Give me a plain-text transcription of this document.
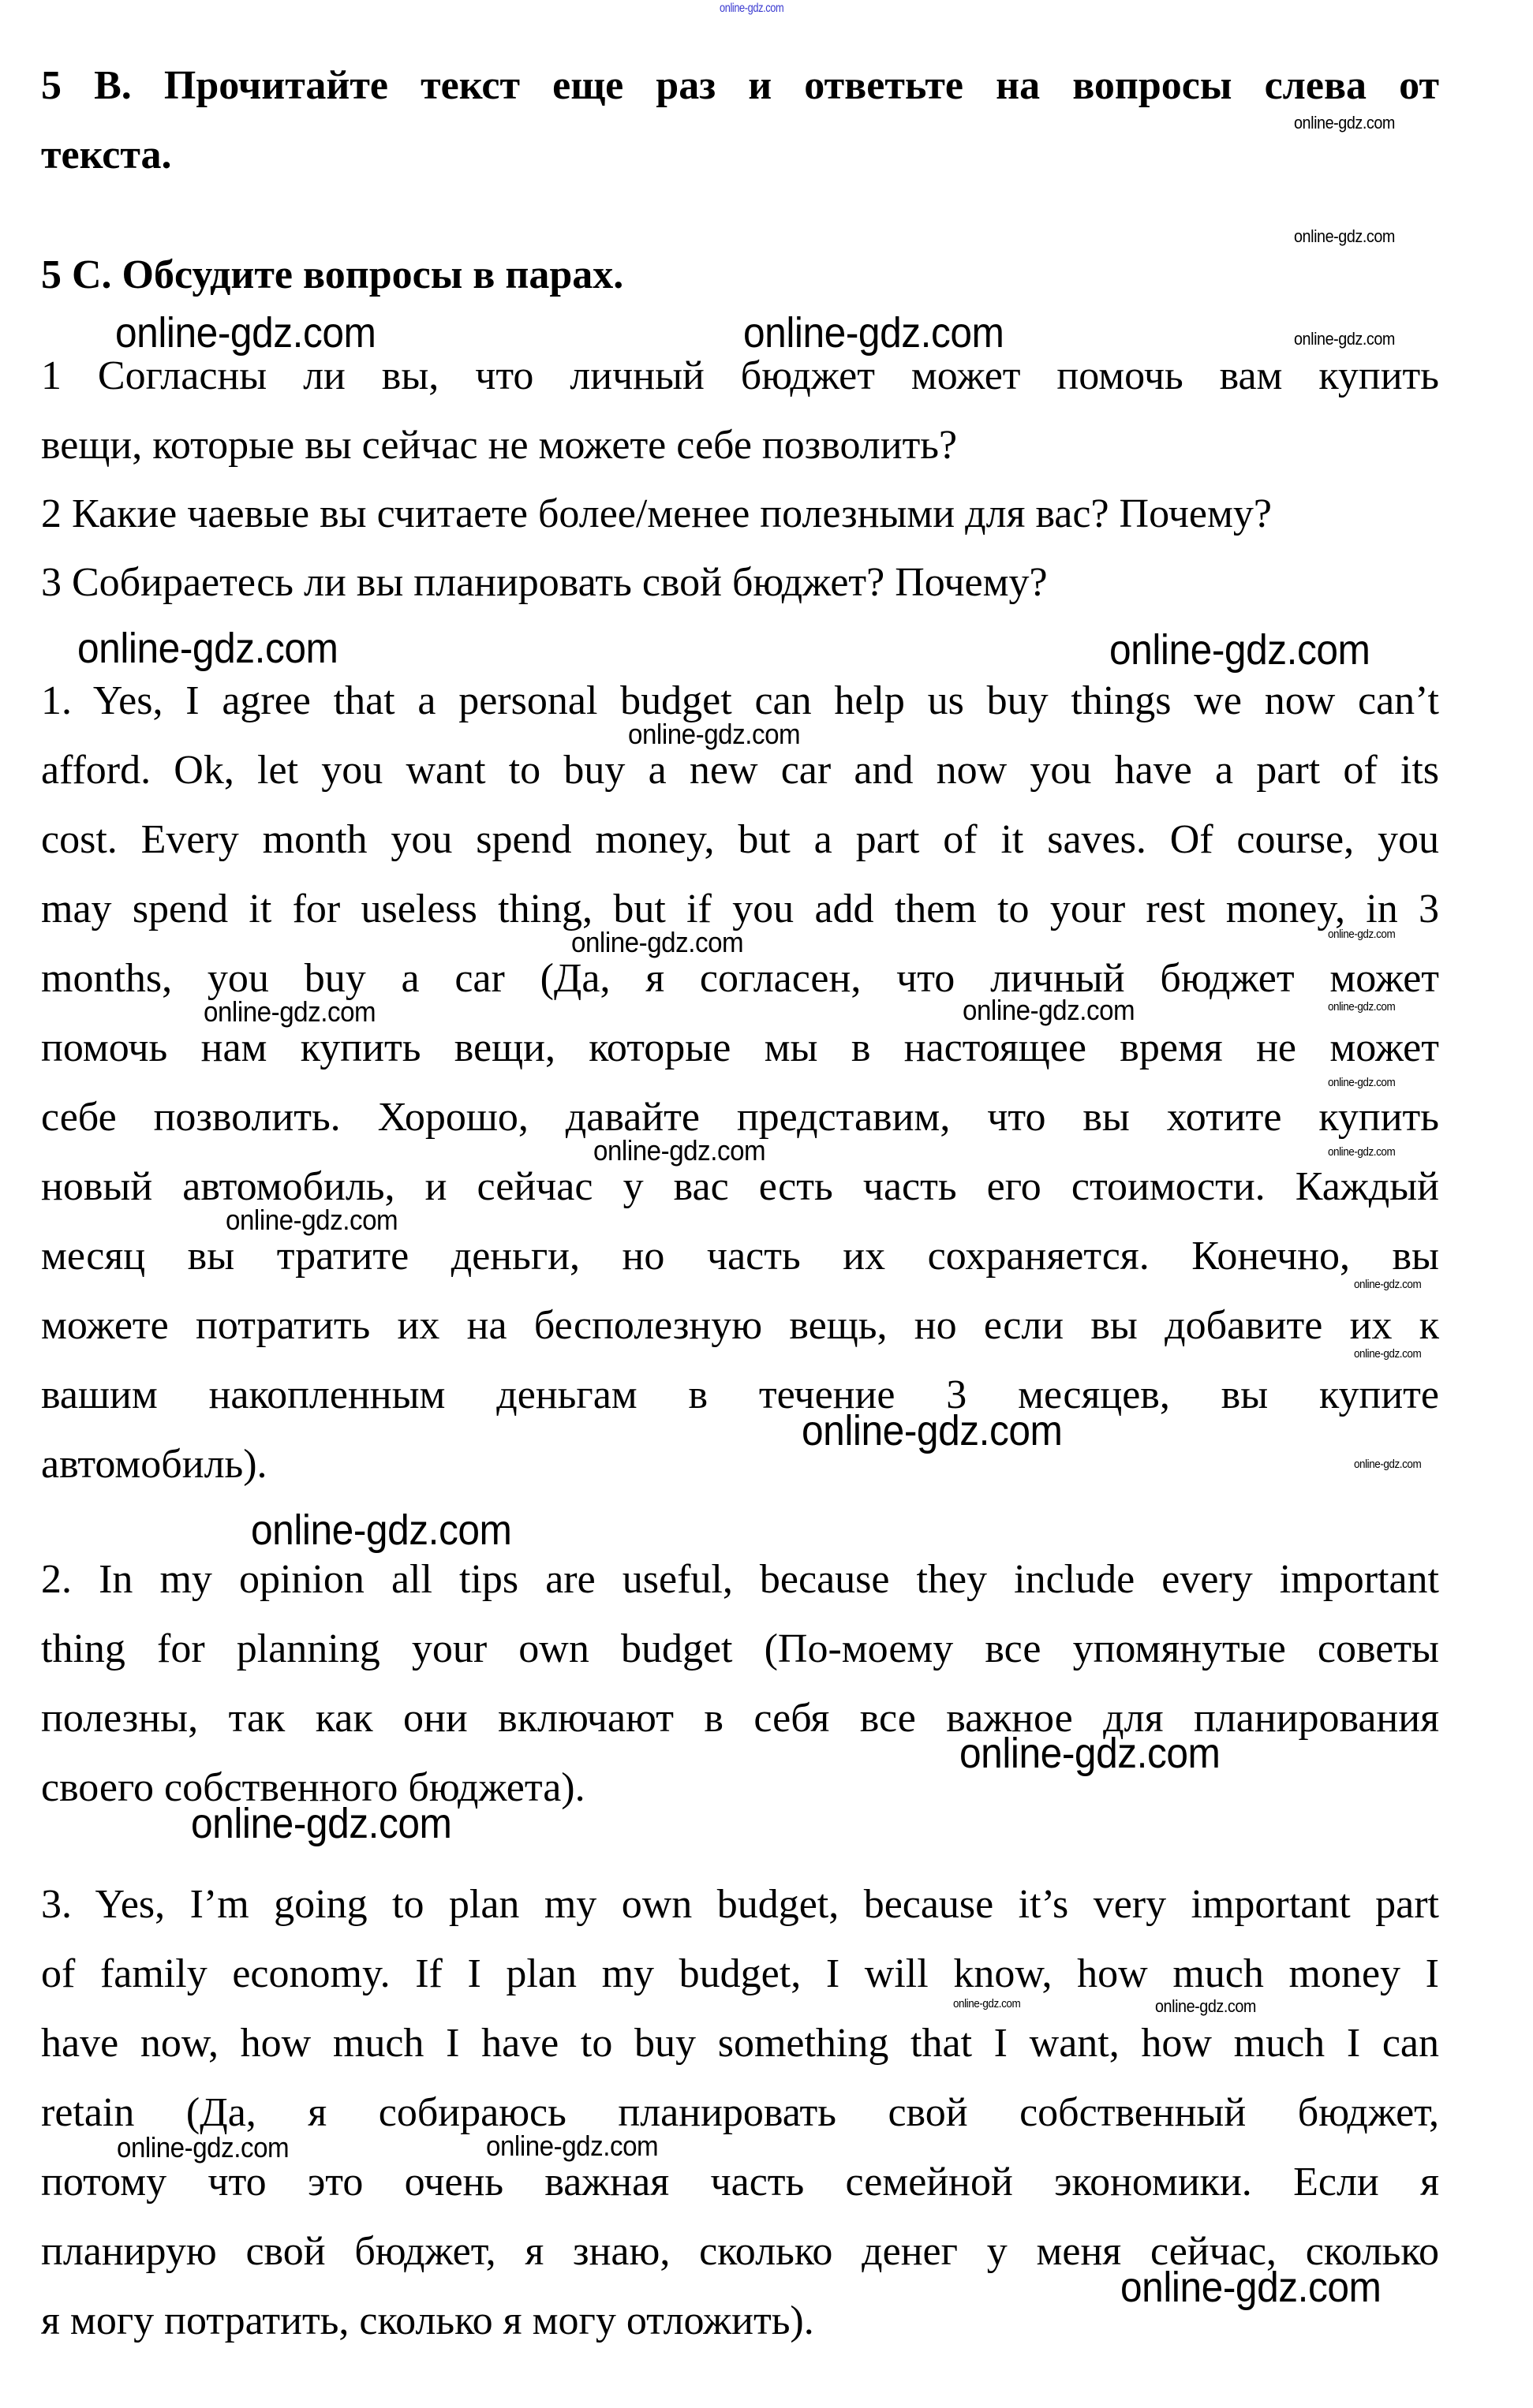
online-gdz.com
5 B. Прочитайте текст еще раз и ответьте на вопросы слева от
online-gdz.com
текста.
online-gdz.com
5 C. Обсудите вопросы в парах.
online-gdz.com	online-gdz.com	online-gdz.com
1 Согласны ли вы, что личный бюджет может помочь вам купить
вещи, которые вы сейчас не можете себе позволить?
2 Какие чаевые вы считаете более/менее полезными для вас? Почему?
3 Собираетесь ли вы планировать свой бюджет? Почему?
online-gdz.com	online-gdz.com
1. Yes, I agree that a personal budget can help us buy things we now can’t
online-gdz.com
afford. Ok, let you want to buy a new car and now you have a part of its
cost. Every month you spend money, but a part of it saves. Of course, you
may spend it for useless thing, but if you add them to your rest money, in 3
online-gdz.com
online-gdz.com
months, you buy a car (Да, я согласен, что личный бюджет может
online-gdz.com
online-gdz.com	online-gdz.com
помочь нам купить вещи, которые мы в настоящее время не может
online-gdz.com
себе позволить. Хорошо, давайте представим, что вы хотите купить
online-gdz.com	online-gdz.com
новый автомобиль, и сейчас у вас есть часть его стоимости. Каждый
online-gdz.com
месяц вы тратите деньги, но часть их сохраняется. Конечно, вы
online-gdz.com
можете потратить их на бесполезную вещь, но если вы добавите их к
online-gdz.com
вашим накопленным деньгам в течение 3 месяцев, вы купите
online-gdz.com
автомобиль).	online-gdz.com
online-gdz.com
2. In my opinion all tips are useful, because they include every important
thing for planning your own budget (По-моему все упомянутые советы
полезны, так как они включают в себя все важное для планирования
online-gdz.com
своего собственного бюджета).
online-gdz.com
3. Yes, I’m going to plan my own budget, because it’s very important part
of family economy. If I plan my budget, I will know, how much money I
online-gdz.com	online-gdz.com
have now, how much I have to buy something that I want, how much I can
retain (Да, я собираюсь планировать свой собственный бюджет,
online-gdz.com
online-gdz.com
потому что это очень важная часть семейной экономики. Если я
планирую свой бюджет, я знаю, сколько денег у меня сейчас, сколько
online-gdz.com
я могу потратить, сколько я могу отложить).
